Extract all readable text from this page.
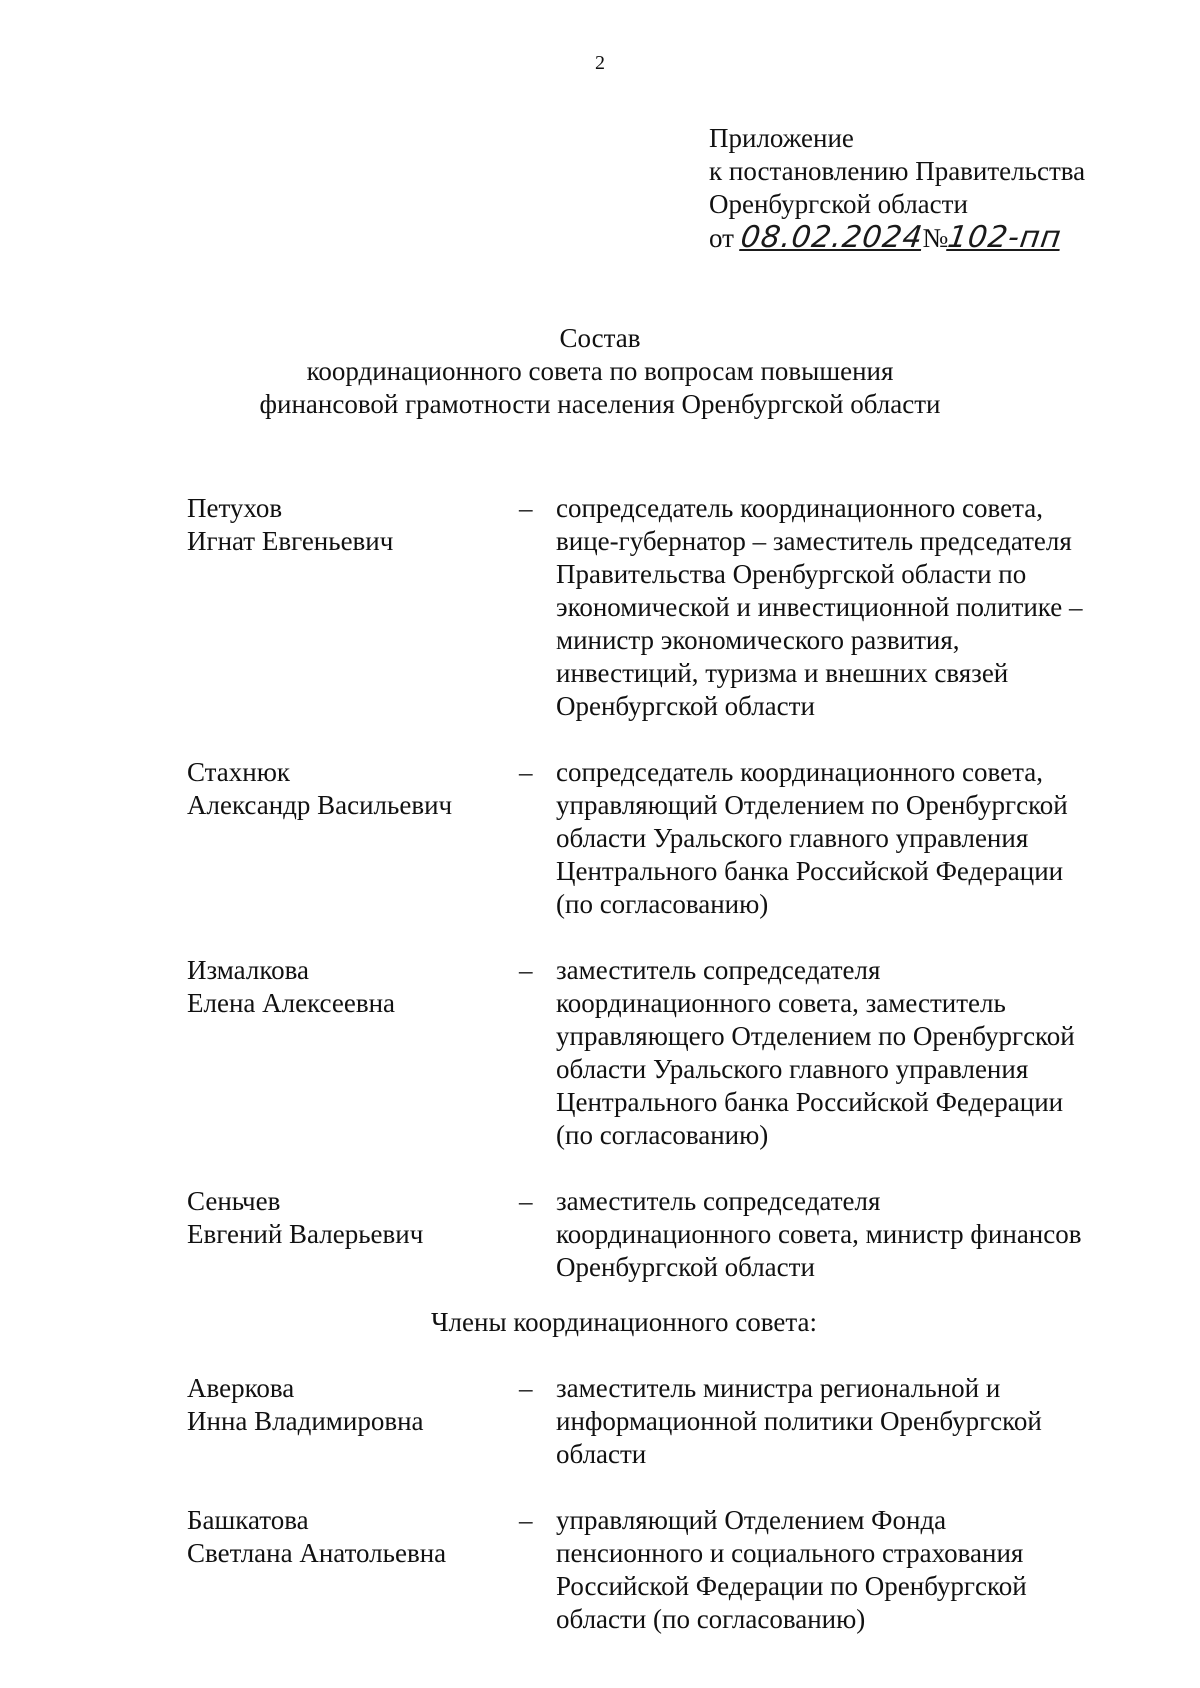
2
Приложение
к постановлению Правительства
Оренбургской области
от 08.02.2024№102-пп
Состав
координационного совета по вопросам повышения
финансовой грамотности населения Оренбургской области
Петухов
Игнат Евгеньевич
– сопредседатель координационного совета,
вице-губернатор – заместитель председателя
Правительства Оренбургской области по
экономической и инвестиционной политике –
министр экономического развития,
инвестиций, туризма и внешних связей
Оренбургской области
Стахнюк
Александр Васильевич
– сопредседатель координационного совета,
управляющий Отделением по Оренбургской
области Уральского главного управления
Центрального банка Российской Федерации
(по согласованию)
Измалкова
Елена Алексеевна
– заместитель сопредседателя
координационного совета, заместитель
управляющего Отделением по Оренбургской
области Уральского главного управления
Центрального банка Российской Федерации
(по согласованию)
Сеньчев
Евгений Валерьевич
– заместитель сопредседателя
координационного совета, министр финансов
Оренбургской области
Члены координационного совета:
Аверкова
Инна Владимировна
– заместитель министра региональной и
информационной политики Оренбургской
области
Башкатова
Светлана Анатольевна
– управляющий Отделением Фонда
пенсионного и социального страхования
Российской Федерации по Оренбургской
области (по согласованию)
